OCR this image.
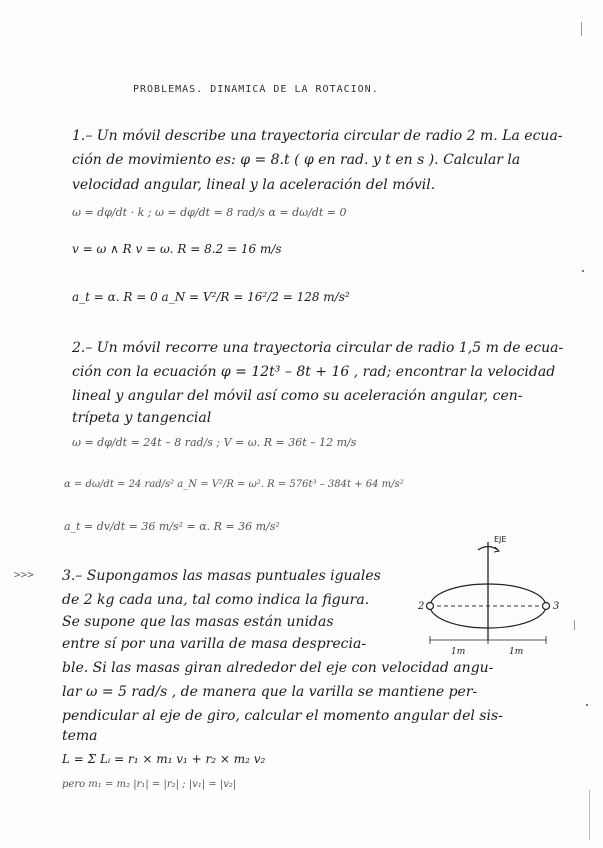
PROBLEMAS. DINAMICA DE LA ROTACION.
1.– Un móvil describe una trayectoria circular de radio 2 m. La ecua-
ción de movimiento es: φ = 8.t ( φ en rad. y t en s ). Calcular la
velocidad angular, lineal y la aceleración del móvil.
ω = dφ/dt · k ; ω = dφ/dt = 8 rad/s α = dω/dt = 0
v = ω ∧ R v = ω. R = 8.2 = 16 m/s
a_t = α. R = 0 a_N = V²/R = 16²/2 = 128 m/s²
2.– Un móvil recorre una trayectoria circular de radio 1,5 m de ecua-
ción con la ecuación φ = 12t³ – 8t + 16 , rad; encontrar la velocidad
lineal y angular del móvil así como su aceleración angular, cen-
trípeta y tangencial
ω = dφ/dt = 24t – 8 rad/s ; V = ω. R = 36t – 12 m/s
α = dω/dt = 24 rad/s² a_N = V²/R = ω². R = 576t³ – 384t + 64 m/s²
a_t = dv/dt = 36 m/s² = α. R = 36 m/s²
>>> 3.– Supongamos las masas puntuales iguales
de 2 kg cada una, tal como indica la figura.
Se supone que las masas están unidas
entre sí por una varilla de masa desprecia-
ble. Si las masas giran alrededor del eje con velocidad angu-
lar ω = 5 rad/s , de manera que la varilla se mantiene per-
pendicular al eje de giro, calcular el momento angular del sis-
tema
L = Σ Lᵢ = r₁ × m₁ v₁ + r₂ × m₂ v₂
pero m₁ = m₂ |r₁| = |r₂| ; |v₁| = |v₂|
EJE
2	3
1m	1m
